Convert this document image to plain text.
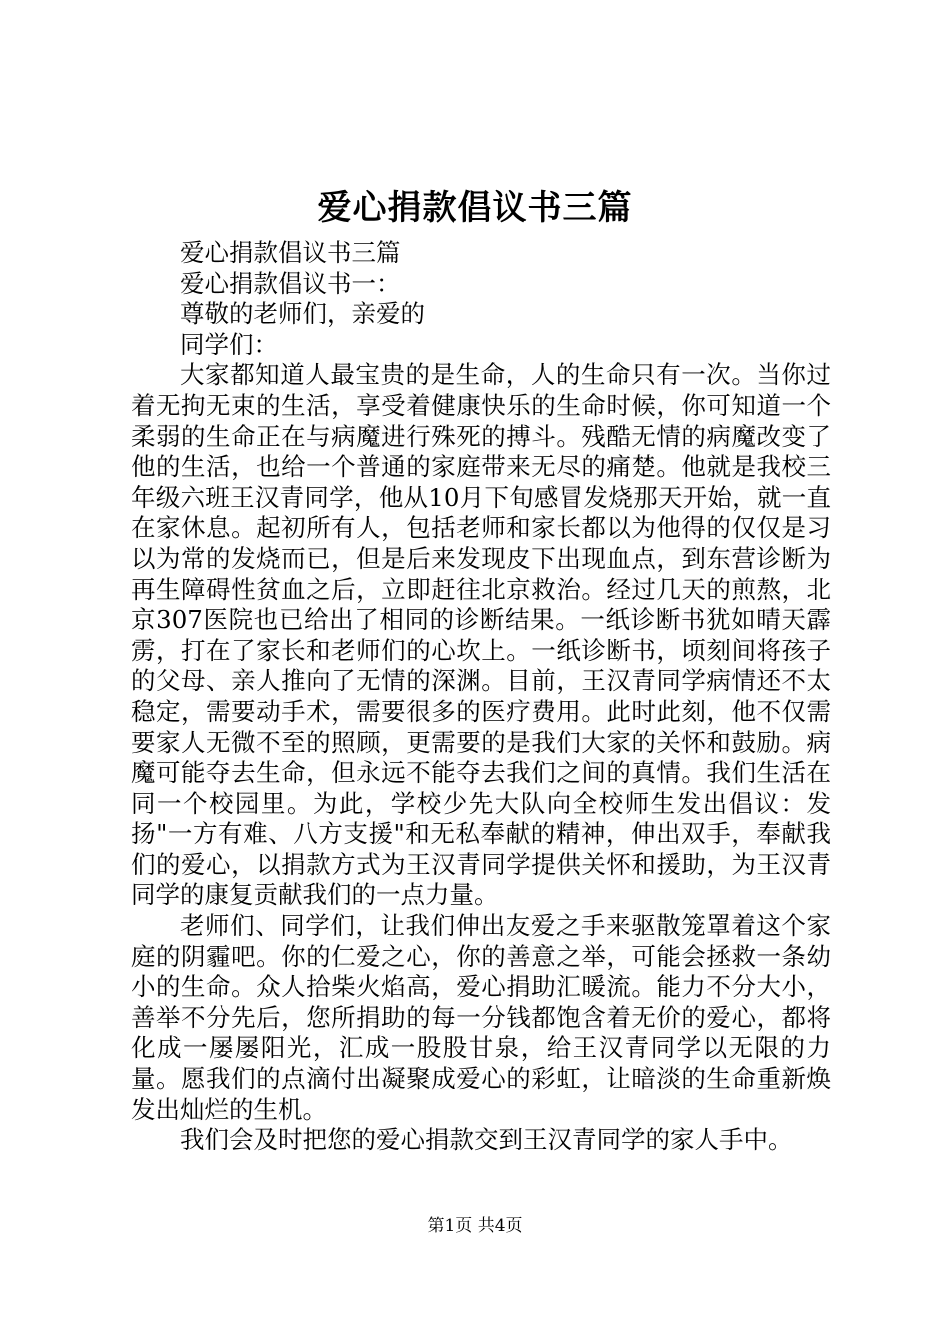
爱心捐款倡议书三篇

爱心捐款倡议书三篇

爱心捐款倡议书一：

尊敬的老师们，亲爱的

同学们：

大家都知道人最宝贵的是生命，人的生命只有一次。当你过着无拘无束的生活，享受着健康快乐的生命时候，你可知道一个柔弱的生命正在与病魔进行殊死的搏斗。残酷无情的病魔改变了他的生活，也给一个普通的家庭带来无尽的痛楚。他就是我校三年级六班王汉青同学，他从10月下旬感冒发烧那天开始，就一直在家休息。起初所有人，包括老师和家长都以为他得的仅仅是习以为常的发烧而已，但是后来发现皮下出现血点，到东营诊断为再生障碍性贫血之后，立即赶往北京救治。经过几天的煎熬，北京307医院也已给出了相同的诊断结果。一纸诊断书犹如晴天霹雳，打在了家长和老师们的心坎上。一纸诊断书，顷刻间将孩子的父母、亲人推向了无情的深渊。目前，王汉青同学病情还不太稳定，需要动手术，需要很多的医疗费用。此时此刻，他不仅需要家人无微不至的照顾，更需要的是我们大家的关怀和鼓励。病魔可能夺去生命，但永远不能夺去我们之间的真情。我们生活在同一个校园里。为此，学校少先大队向全校师生发出倡议：发扬"一方有难、八方支援"和无私奉献的精神，伸出双手，奉献我们的爱心，以捐款方式为王汉青同学提供关怀和援助，为王汉青同学的康复贡献我们的一点力量。

老师们、同学们，让我们伸出友爱之手来驱散笼罩着这个家庭的阴霾吧。你的仁爱之心，你的善意之举，可能会拯救一条幼小的生命。众人拾柴火焰高，爱心捐助汇暖流。能力不分大小，善举不分先后，您所捐助的每一分钱都饱含着无价的爱心，都将化成一屡屡阳光，汇成一股股甘泉，给王汉青同学以无限的力量。愿我们的点滴付出凝聚成爱心的彩虹，让暗淡的生命重新焕发出灿烂的生机。

我们会及时把您的爱心捐款交到王汉青同学的家人手中。

第1页 共4页
